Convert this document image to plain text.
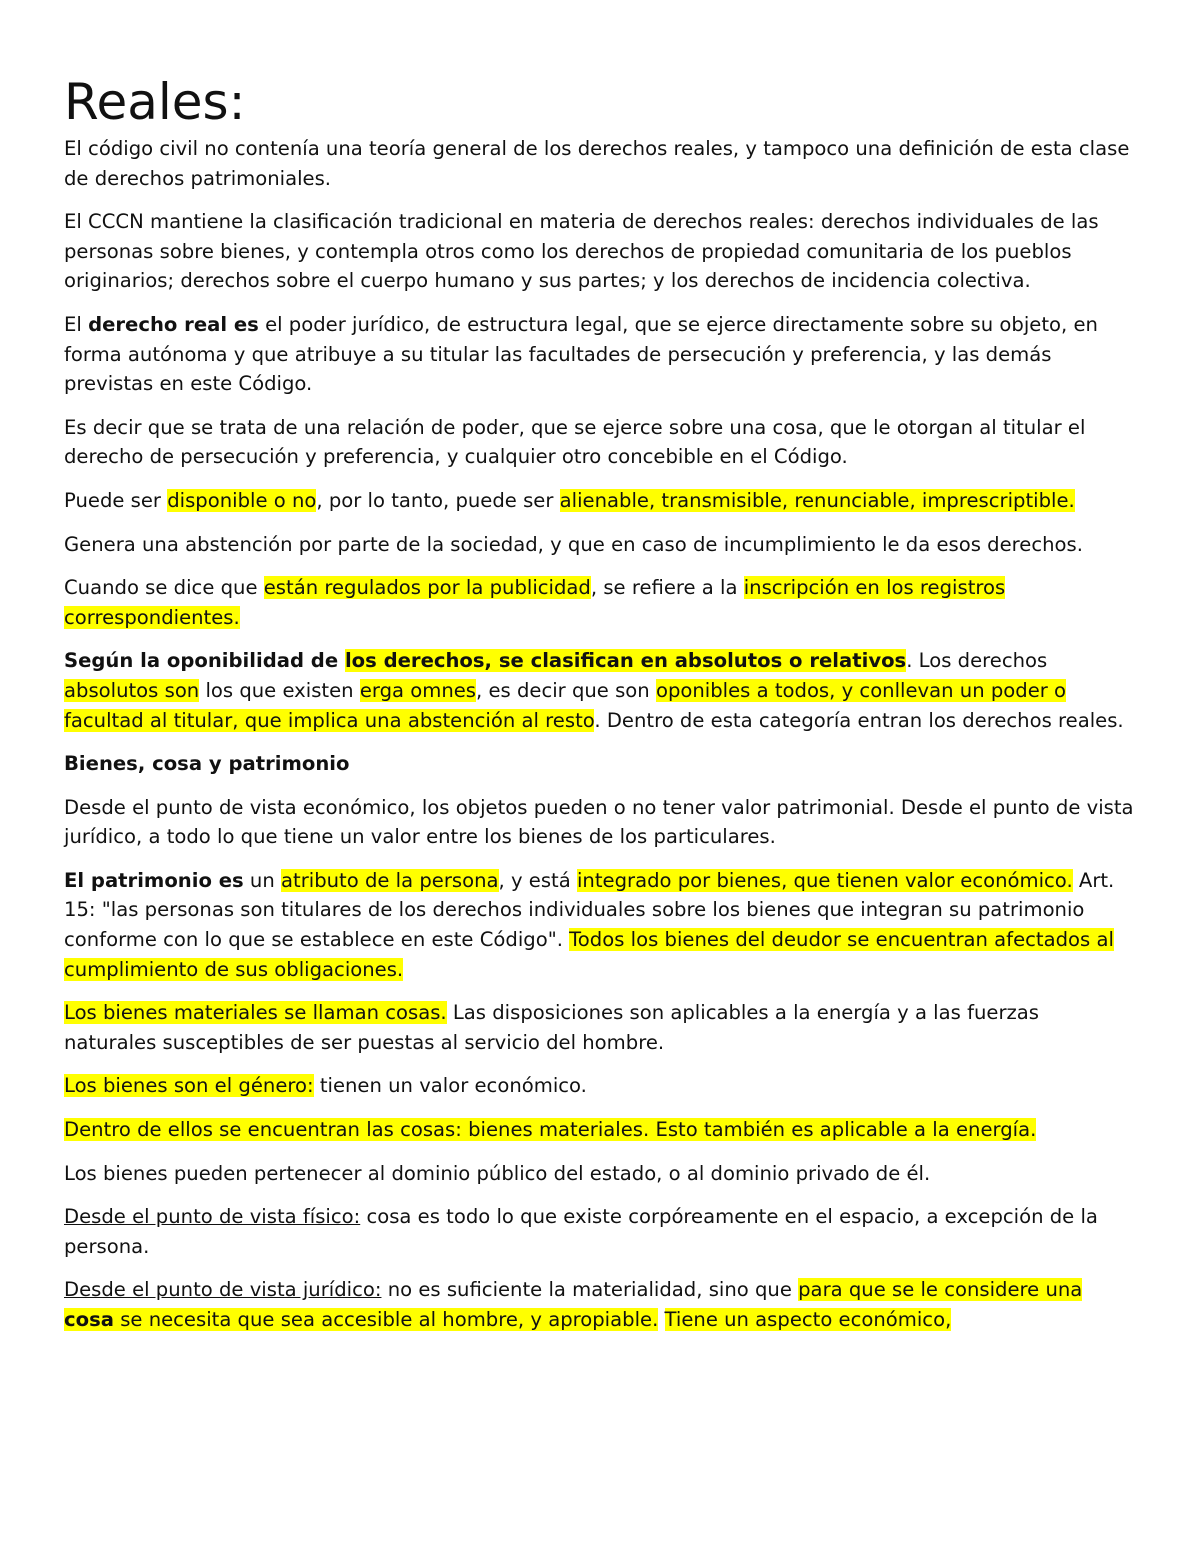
Reales:

El código civil no contenía una teoría general de los derechos reales, y tampoco una definición de esta clase de derechos patrimoniales.

El CCCN mantiene la clasificación tradicional en materia de derechos reales: derechos individuales de las personas sobre bienes, y contempla otros como los derechos de propiedad comunitaria de los pueblos originarios; derechos sobre el cuerpo humano y sus partes; y los derechos de incidencia colectiva.

El derecho real es el poder jurídico, de estructura legal, que se ejerce directamente sobre su objeto, en forma autónoma y que atribuye a su titular las facultades de persecución y preferencia, y las demás previstas en este Código.

Es decir que se trata de una relación de poder, que se ejerce sobre una cosa, que le otorgan al titular el derecho de persecución y preferencia, y cualquier otro concebible en el Código.

Puede ser disponible o no, por lo tanto, puede ser alienable, transmisible, renunciable, imprescriptible.

Genera una abstención por parte de la sociedad, y que en caso de incumplimiento le da esos derechos.

Cuando se dice que están regulados por la publicidad, se refiere a la inscripción en los registros correspondientes.

Según la oponibilidad de los derechos, se clasifican en absolutos o relativos. Los derechos absolutos son los que existen erga omnes, es decir que son oponibles a todos, y conllevan un poder o facultad al titular, que implica una abstención al resto. Dentro de esta categoría entran los derechos reales.

Bienes, cosa y patrimonio

Desde el punto de vista económico, los objetos pueden o no tener valor patrimonial. Desde el punto de vista jurídico, a todo lo que tiene un valor entre los bienes de los particulares.

El patrimonio es un atributo de la persona, y está integrado por bienes, que tienen valor económico. Art. 15: "las personas son titulares de los derechos individuales sobre los bienes que integran su patrimonio conforme con lo que se establece en este Código". Todos los bienes del deudor se encuentran afectados al cumplimiento de sus obligaciones.

Los bienes materiales se llaman cosas. Las disposiciones son aplicables a la energía y a las fuerzas naturales susceptibles de ser puestas al servicio del hombre.

Los bienes son el género: tienen un valor económico.

Dentro de ellos se encuentran las cosas: bienes materiales. Esto también es aplicable a la energía.

Los bienes pueden pertenecer al dominio público del estado, o al dominio privado de él.

Desde el punto de vista físico: cosa es todo lo que existe corpóreamente en el espacio, a excepción de la persona.

Desde el punto de vista jurídico: no es suficiente la materialidad, sino que para que se le considere una cosa se necesita que sea accesible al hombre, y apropiable. Tiene un aspecto económico,
